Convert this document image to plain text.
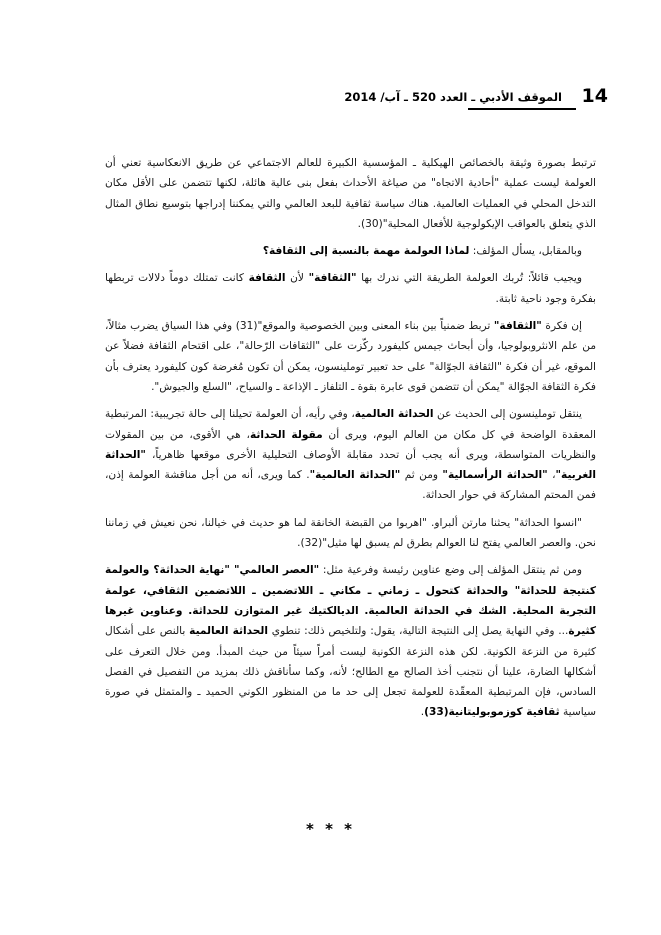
الموقف الأدبي ـ العدد 520 ـ آب/ 2014 14

ترتبط بصورة وثيقة بالخصائص الهيكلية ـ المؤسسية الكبيرة للعالم الاجتماعي عن طريق الانعكاسية تعني أن العولمة ليست عملية "أحادية الاتجاه" من صياغة الأحداث بفعل بنى عالية هائلة، لكنها تتضمن على الأقل مكان التدخل المحلي في العمليات العالمية. هناك سياسة ثقافية للبعد العالمي والتي يمكننا إدراجها بتوسيع نطاق المثال الذي يتعلق بالعواقب الإيكولوجية للأفعال المحلية"(30).

وبالمقابل، يسأل المؤلف: لماذا العولمة مهمة بالنسبة إلى الثقافة؟

ويجيب قائلاً: تُربك العولمة الطريقة التي ندرك بها "الثقافة" لأن الثقافة كانت تمتلك دوماً دلالات تربطها بفكرة وجود ناحية ثابتة.

إن فكرة "الثقافة" تربط ضمنياً بين بناء المعنى وبين الخصوصية والموقع"(31) وفي هذا السياق يضرب مثالاً، من علم الانثروبولوجيا، وأن أبحاث جيمس كليفورد ركّزت على "الثقافات الرّحالة"، على اقتحام الثقافة فضلاً عن الموقع، غير أن فكرة "الثقافة الجوّالة" على حد تعبير توملينسون، يمكن أن تكون مُغرضة كون كليفورد يعترف بأن فكرة الثقافة الجوّالة "يمكن أن تتضمن قوى عابرة بقوة ـ التلفاز ـ الإذاعة ـ والسياح، "السلع والجيوش".

ينتقل توملينسون إلى الحديث عن الحداثة العالمية، وفي رأيه، أن العولمة تحيلنا إلى حالة تجريبية: المرتبطية المعقدة الواضحة في كل مكان من العالم اليوم، ويرى أن مقولة الحداثة، هي الأقوى، من بين المقولات والنظريات المتواسطة، ويرى أنه يجب أن تحدد مقابلة الأوصاف التحليلية الأخرى موقعها ظاهرياً، "الحداثة الغربية"، "الحداثة الرأسمالية" ومن ثم "الحداثة العالمية". كما ويرى، أنه من أجل مناقشة العولمة إذن، فمن المحتم المشاركة في حوار الحداثة.

"انسوا الحداثة" يحثنا مارتن ألبراو. "اهربوا من القبضة الخانقة لما هو حديث في خيالنا، نحن نعيش في زماننا نحن. والعصر العالمي يفتح لنا العوالم بطرق لم يسبق لها مثيل"(32).

ومن ثم ينتقل المؤلف إلى وضع عناوين رئيسة وفرعية مثل: "العصر العالمي" "نهاية الحداثة؟ والعولمة كنتيجة للحداثة" والحداثة كتحول ـ زماني ـ مكاني ـ اللاتضمين ـ اللاتضمين الثقافي، عولمة التجربة المحلية. الشك في الحداثة العالمية. الديالكتيك غير المتوازن للحداثة. وعناوين غيرها كثيرة... وفي النهاية يصل إلى النتيجة التالية، يقول: ولتلخيص ذلك: تنطوي الحداثة العالمية بالنص على أشكال كثيرة من النزعة الكونية. لكن هذه النزعة الكونية ليست أمراً سيئاً من حيث المبدأ. ومن خلال التعرف على أشكالها الضارة، علينا أن نتجنب أخذ الصالح مع الطالح؛ لأنه، وكما سأناقش ذلك بمزيد من التفصيل في الفصل السادس، فإن المرتبطية المعقّدة للعولمة تجعل إلى حد ما من المنظور الكوني الحميد ـ والمتمثل في صورة سياسية ثقافية كوزموبوليتانية(33).

* * *
